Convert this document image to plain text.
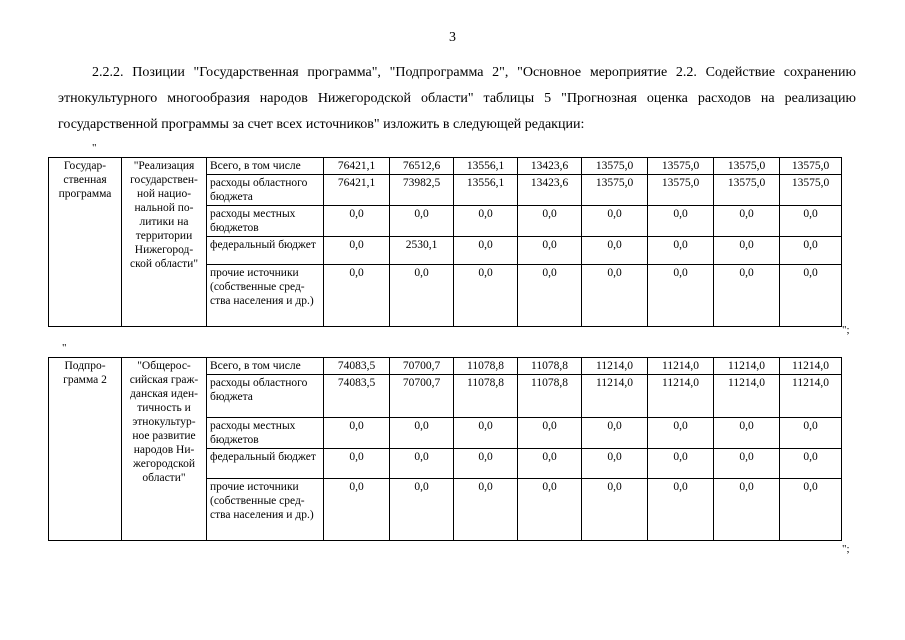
3

2.2.2. Позиции "Государственная программа", "Подпрограмма 2", "Основное мероприятие 2.2. Содействие сохранению этнокультурного многообразия народов Нижегородской области" таблицы 5 "Прогнозная оценка расходов на реализацию государственной программы за счет всех источников" изложить в следующей редакции:

"
Государ-ственная программа	"Реализация государствен-ной нацио-нальной по-литики на территории Нижегород-ской области"	Всего, в том числе	76421,1	76512,6	13556,1	13423,6	13575,0	13575,0	13575,0	13575,0
		расходы областного бюджета	76421,1	73982,5	13556,1	13423,6	13575,0	13575,0	13575,0	13575,0
		расходы местных бюджетов	0,0	0,0	0,0	0,0	0,0	0,0	0,0	0,0
		федеральный бюджет	0,0	2530,1	0,0	0,0	0,0	0,0	0,0	0,0
		прочие источники (собственные сред-ства населения и др.)	0,0	0,0	0,0	0,0	0,0	0,0	0,0	0,0
";
"
Подпро-грамма 2	"Общерос-сийская граж-данская иден-тичность и этнокультур-ное развитие народов Ни-жегородской области"	Всего, в том числе	74083,5	70700,7	11078,8	11078,8	11214,0	11214,0	11214,0	11214,0
		расходы областного бюджета	74083,5	70700,7	11078,8	11078,8	11214,0	11214,0	11214,0	11214,0
		расходы местных бюджетов	0,0	0,0	0,0	0,0	0,0	0,0	0,0	0,0
		федеральный бюджет	0,0	0,0	0,0	0,0	0,0	0,0	0,0	0,0
		прочие источники (собственные сред-ства населения и др.)	0,0	0,0	0,0	0,0	0,0	0,0	0,0	0,0
";
